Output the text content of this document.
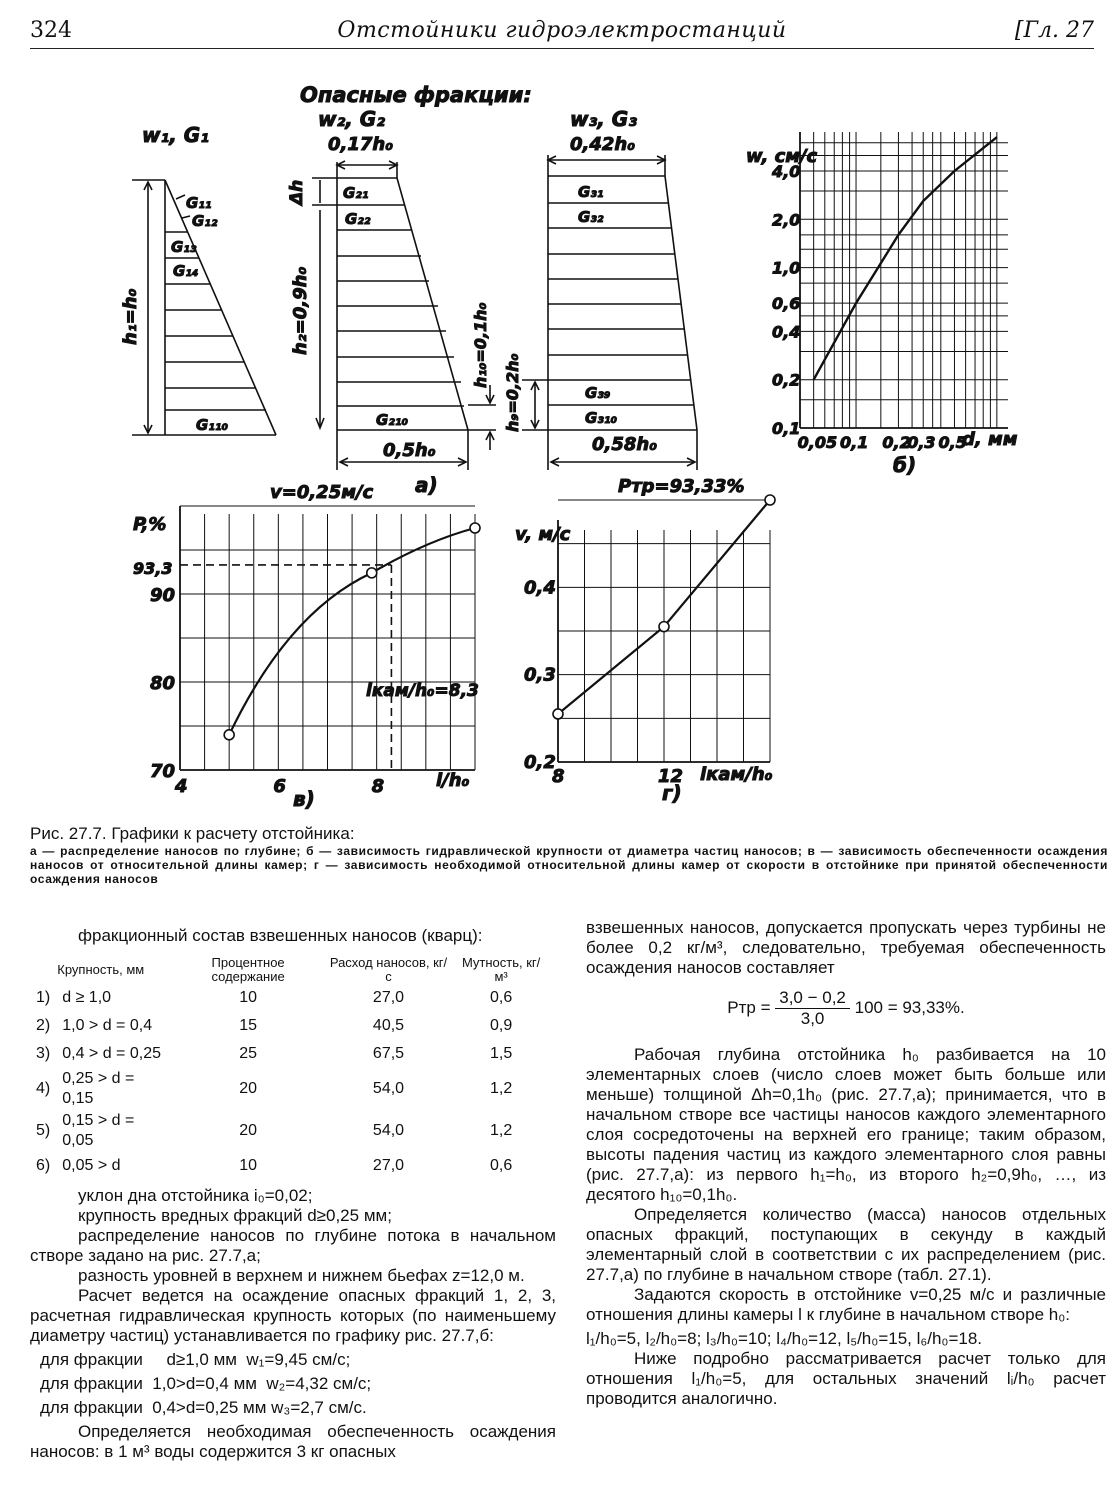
324	Отстойники гидроэлектростанций	[Гл. 27
Опасные фракции:
w₁, G₁
h₁=h₀
G₁₁
G₁₂
G₁₃
G₁₄
G₁₁₀
w₂, G₂
0,17h₀
Δh
h₂=0,9h₀	h₁₀=0,1h₀
G₂₁
G₂₂
G₂₁₀
0,5h₀
w₃, G₃
0,42h₀
h₉=0,2h₀
G₃₁
G₃₂
G₃₉
G₃₁₀
0,58h₀
а)
0,1
0,2
0,4
0,6
1,0
2,0
4,0
0,05 0,1 0,2
0,3 0,5
w, см/с
d, мм
б)
70
80
90
4	6	8
v=0,25м/с
P,%
93,3
lкам/h₀=8,3
l/h₀
в)
0,2
0,3
0,4
8	12
Pтр=93,33%
v, м/с
lкам/h₀
г)
Рис. 27.7. Графики к расчету отстойника:
а — распределение наносов по глубине; б — зависимость гидравлической крупности от диаметра частиц наносов; в — зависимость обеспеченности осаждения наносов от относительной длины камер; г — зависимость необходимой относительной длины камер от скорости в отстойнике при принятой обеспеченности осаждения наносов

фракционный состав взвешенных наносов (кварц):

Крупность, мм		Процентное содержание	Расход наносов, кг/с	Мутность, кг/м³
1)	d ≥ 1,0	10	27,0	0,6
2)	1,0 > d = 0,4	15	40,5	0,9
3)	0,4 > d = 0,25	25	67,5	1,5
4)	0,25 > d = 0,15	20	54,0	1,2
5)	0,15 > d = 0,05	20	54,0	1,2
6)	0,05 > d	10	27,0	0,6

уклон дна отстойника i₀=0,02;

крупность вредных фракций d≥0,25 мм;

распределение наносов по глубине потока в начальном створе задано на рис. 27.7,а;

разность уровней в верхнем и нижнем бьефах z=12,0 м.

Расчет ведется на осаждение опасных фракций 1, 2, 3, расчетная гидравлическая крупность которых (по наименьшему диаметру частиц) устанавливается по графику рис. 27.7,б:

для фракции     d≥1,0 мм  w₁=9,45 см/с;

для фракции  1,0>d=0,4 мм  w₂=4,32 см/с;

для фракции  0,4>d=0,25 мм w₃=2,7 см/с.

Определяется необходимая обеспеченность осаждения наносов: в 1 м³ воды содержится 3 кг опасных

взвешенных наносов, допускается пропускать через турбины не более 0,2 кг/м³, следовательно, требуемая обеспеченность осаждения наносов составляет

Pтр = $\frac{3,0 - 0,2}{3,0} 100 = 93,33\%$.

Рабочая глубина отстойника h₀ разбивается на 10 элементарных слоев (число слоев может быть больше или меньше) толщиной Δh=0,1h₀ (рис. 27.7,а); принимается, что в начальном створе все частицы наносов каждого элементарного слоя сосредоточены на верхней его границе; таким образом, высоты падения частиц из каждого элементарного слоя равны (рис. 27.7,а): из первого h₁=h₀, из второго h₂=0,9h₀, …, из десятого h₁₀=0,1h₀.

Определяется количество (масса) наносов отдельных опасных фракций, поступающих в секунду в каждый элементарный слой в соответствии с их распределением (рис. 27.7,а) по глубине в начальном створе (табл. 27.1).

Задаются скорость в отстойнике v=0,25 м/с и различные отношения длины камеры l к глубине в начальном створе h₀:

l₁/h₀=5, l₂/h₀=8; l₃/h₀=10; l₄/h₀=12, l₅/h₀=15, l₆/h₀=18.

Ниже подробно рассматривается расчет только для отношения l₁/h₀=5, для остальных значений lᵢ/h₀ расчет проводится аналогично.
